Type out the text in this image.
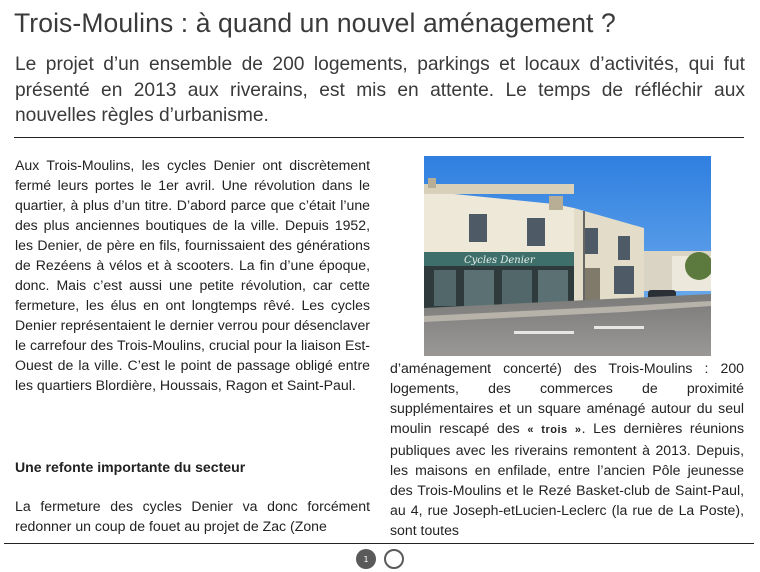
Trois-Moulins : à quand un nouvel aménagement ?
Le projet d’un ensemble de 200 logements, parkings et locaux d’activités, qui fut présenté en 2013 aux riverains, est mis en attente. Le temps de réfléchir aux nouvelles règles d’urbanisme.

Aux Trois-Moulins, les cycles Denier ont discrètement fermé leurs portes le 1er avril. Une révolution dans le quartier, à plus d’un titre. D’abord parce que c’était l’une des plus anciennes boutiques de la ville. Depuis 1952, les Denier, de père en fils, fournissaient des générations de Rezéens à vélos et à scooters. La fin d’une époque, donc. Mais c’est aussi une petite révolution, car cette fermeture, les élus en ont longtemps rêvé. Les cycles Denier représentaient le dernier verrou pour désenclaver le carrefour des Trois-Moulins, crucial pour la liaison Est-Ouest de la ville. C’est le point de passage obligé entre les quartiers Blordière, Houssais, Ragon et Saint-Paul.

Une refonte importante du secteur
La fermeture des cycles Denier va donc forcément redonner un coup de fouet au projet de Zac (Zone
Cycles Denier
d’aménagement concerté) des Trois-Moulins : 200 logements, des commerces de proximité supplémentaires et un square aménagé autour du seul moulin rescapé des « trois ». Les dernières réunions publiques avec les riverains remontent à 2013. Depuis, les maisons en enfilade, entre l’ancien Pôle jeunesse des Trois-Moulins et le Rezé Basket-club de Saint-Paul, au 4, rue Joseph-etLucien-Leclerc (la rue de La Poste), sont toutes
1
